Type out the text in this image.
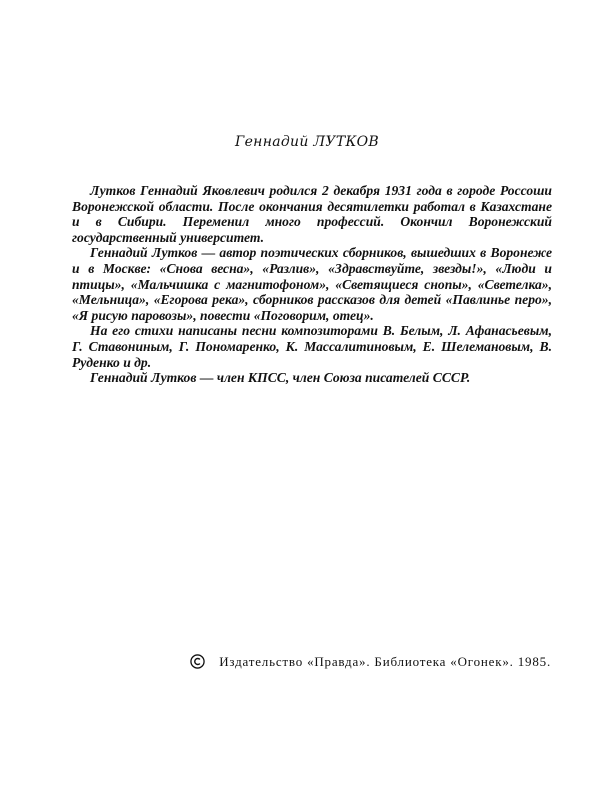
Геннадий ЛУТКОВ

Лутков Геннадий Яковлевич родился 2 декабря 1931 года в городе Россоши Воронежской области. После окончания десятилетки работал в Казахстане и в Сибири. Переменил много профессий. Окончил Воронежский государственный университет.

Геннадий Лутков — автор поэтических сборников, вышедших в Воронеже и в Москве: «Снова весна», «Разлив», «Здравствуйте, звезды!», «Люди и птицы», «Мальчишка с магнитофоном», «Светящиеся снопы», «Светелка», «Мельница», «Егорова река», сборников рассказов для детей «Павлинье перо», «Я рисую паровозы», повести «Поговорим, отец».

На его стихи написаны песни композиторами В. Белым, Л. Афанасьевым, Г. Ставониным, Г. Пономаренко, К. Массалитиновым, Е. Шелемановым, В. Руденко и др.

Геннадий Лутков — член КПСС, член Союза писателей СССР.

Издательство «Правда». Библиотека «Огонек». 1985.
